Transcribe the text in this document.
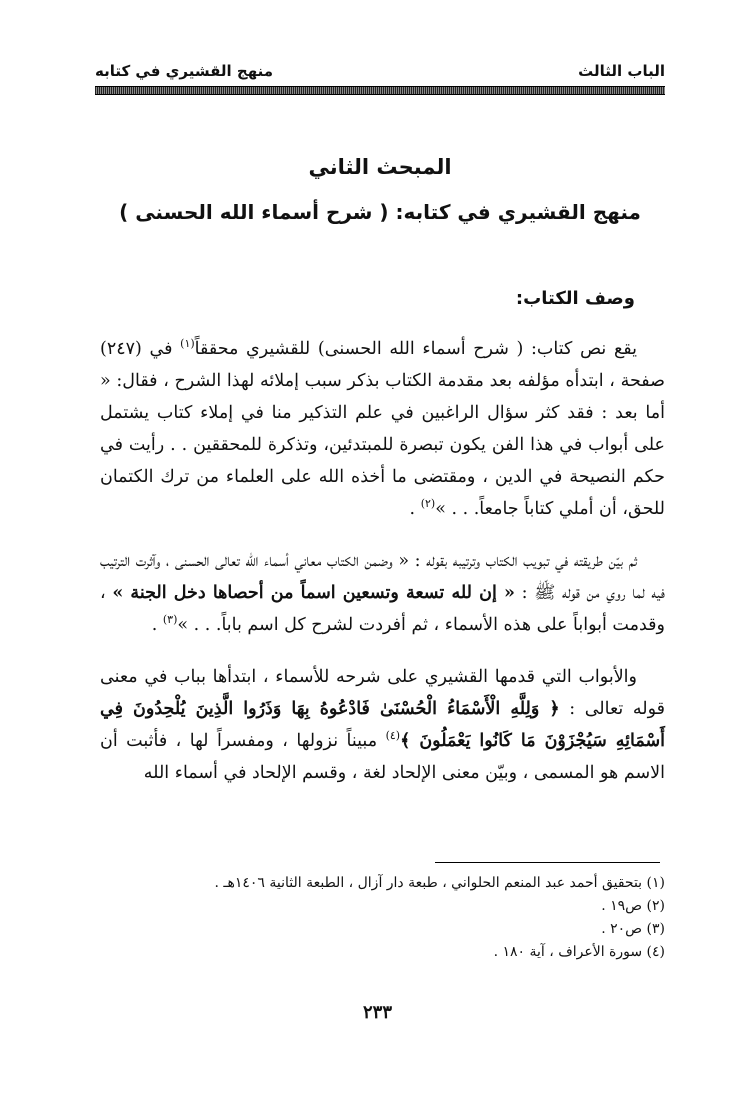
الباب الثالث
منهج القشيري في كتابه
المبحث الثاني
منهج القشيري في كتابه: ( شرح أسماء الله الحسنى )
وصف الكتاب:

يقع نص كتاب: ( شرح أسماء الله الحسنى) للقشيري محققاً$^{(١)}$ في (٢٤٧) صفحة ، ابتدأه مؤلفه بعد مقدمة الكتاب بذكر سبب إملائه لهذا الشرح ، فقال: « أما بعد : فقد كثر سؤال الراغبين في علم التذكير منا في إملاء كتاب يشتمل على أبواب في هذا الفن يكون تبصرة للمبتدئين، وتذكرة للمحققين . . رأيت في حكم النصيحة في الدين ، ومقتضى ما أخذه الله على العلماء من ترك الكتمان للحق، أن أملي كتاباً جامعاً. . . »$^{(٢)}$ .

ثم بيّن طريقته في تبويب الكتاب وترتيبه بقوله : « وضمن الكتاب معاني أسماء الله تعالى الحسنى ، وآثرت الترتيب فيه لما روي من قوله ﷺ : « إن لله تسعة وتسعين اسماً من أحصاها دخل الجنة » ، وقدمت أبواباً على هذه الأسماء ، ثم أفردت لشرح كل اسم باباً. . . »$^{(٣)}$ .

والأبواب التي قدمها القشيري على شرحه للأسماء ، ابتدأها بباب في معنى قوله تعالى : ﴿ وَلِلَّهِ الْأَسْمَاءُ الْحُسْنَىٰ فَادْعُوهُ بِهَا وَذَرُوا الَّذِينَ يُلْحِدُونَ فِي أَسْمَائِهِ سَيُجْزَوْنَ مَا كَانُوا يَعْمَلُونَ ﴾$^{(٤)}$ مبيناً نزولها ، ومفسراً لها ، فأثبت أن الاسم هو المسمى ، وبيّن معنى الإلحاد لغة ، وقسم الإلحاد في أسماء الله

(١) بتحقيق أحمد عبد المنعم الحلواني ، طبعة دار آزال ، الطبعة الثانية ١٤٠٦هـ .
(٢) ص١٩ .
(٣) ص٢٠ .
(٤) سورة الأعراف ، آية ١٨٠ .
٢٣٣
